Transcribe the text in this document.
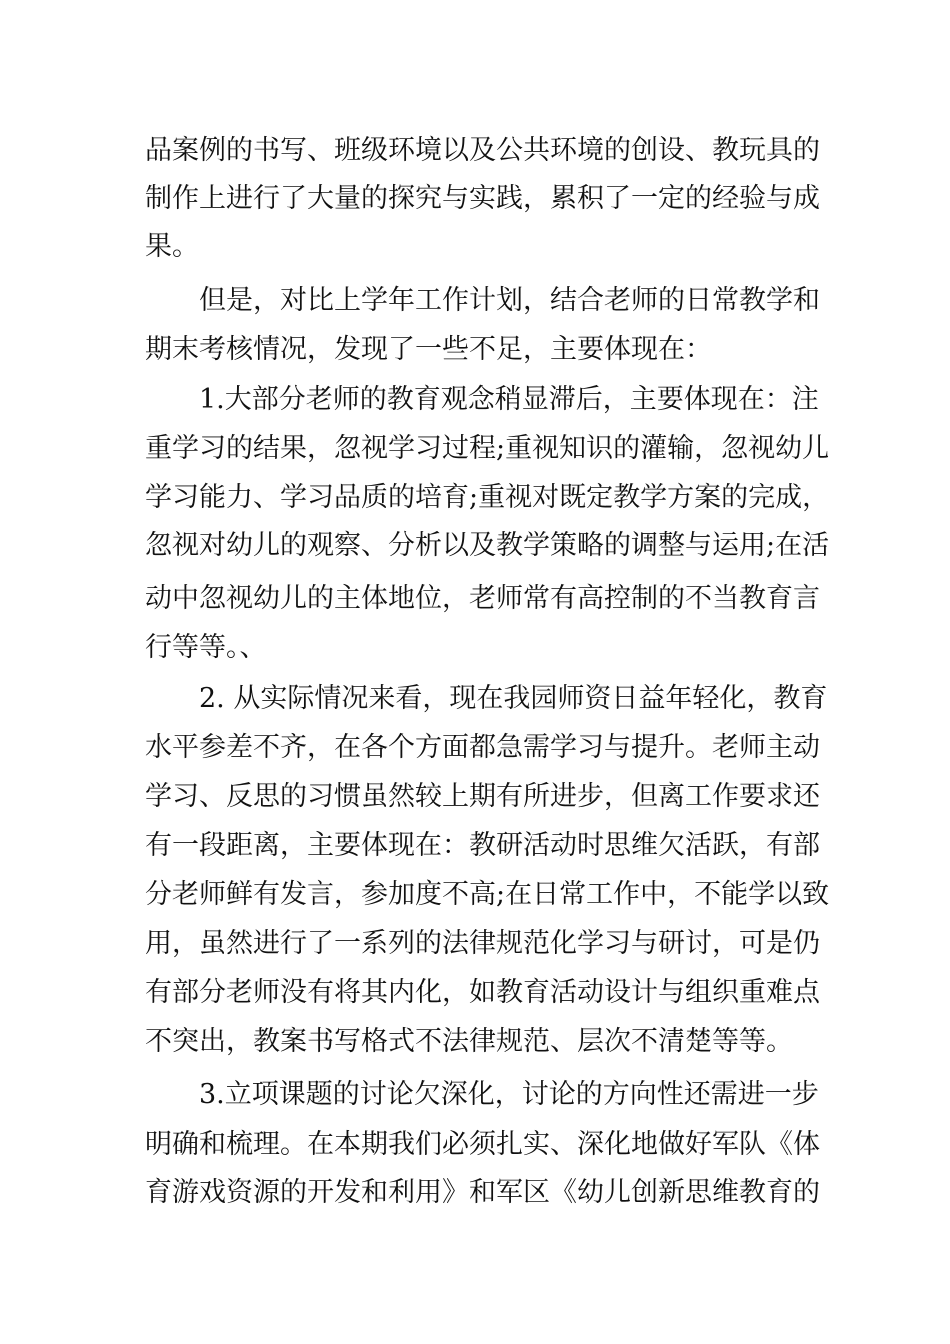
品案例的书写、班级环境以及公共环境的创设、教玩具的
制作上进行了大量的探究与实践，累积了一定的经验与成
果。
但是，对比上学年工作计划，结合老师的日常教学和
期末考核情况，发现了一些不足，主要体现在：
1.大部分老师的教育观念稍显滞后，主要体现在：注
重学习的结果，忽视学习过程;重视知识的灌输，忽视幼儿
学习能力、学习品质的培育;重视对既定教学方案的完成，
忽视对幼儿的观察、分析以及教学策略的调整与运用;在活
动中忽视幼儿的主体地位，老师常有高控制的不当教育言
行等等。、
2. 从实际情况来看，现在我园师资日益年轻化，教育
水平参差不齐，在各个方面都急需学习与提升。老师主动
学习、反思的习惯虽然较上期有所进步，但离工作要求还
有一段距离，主要体现在：教研活动时思维欠活跃，有部
分老师鲜有发言，参加度不高;在日常工作中，不能学以致
用，虽然进行了一系列的法律规范化学习与研讨，可是仍
有部分老师没有将其内化，如教育活动设计与组织重难点
不突出，教案书写格式不法律规范、层次不清楚等等。
3.立项课题的讨论欠深化，讨论的方向性还需进一步
明确和梳理。在本期我们必须扎实、深化地做好军队《体
育游戏资源的开发和利用》和军区《幼儿创新思维教育的
